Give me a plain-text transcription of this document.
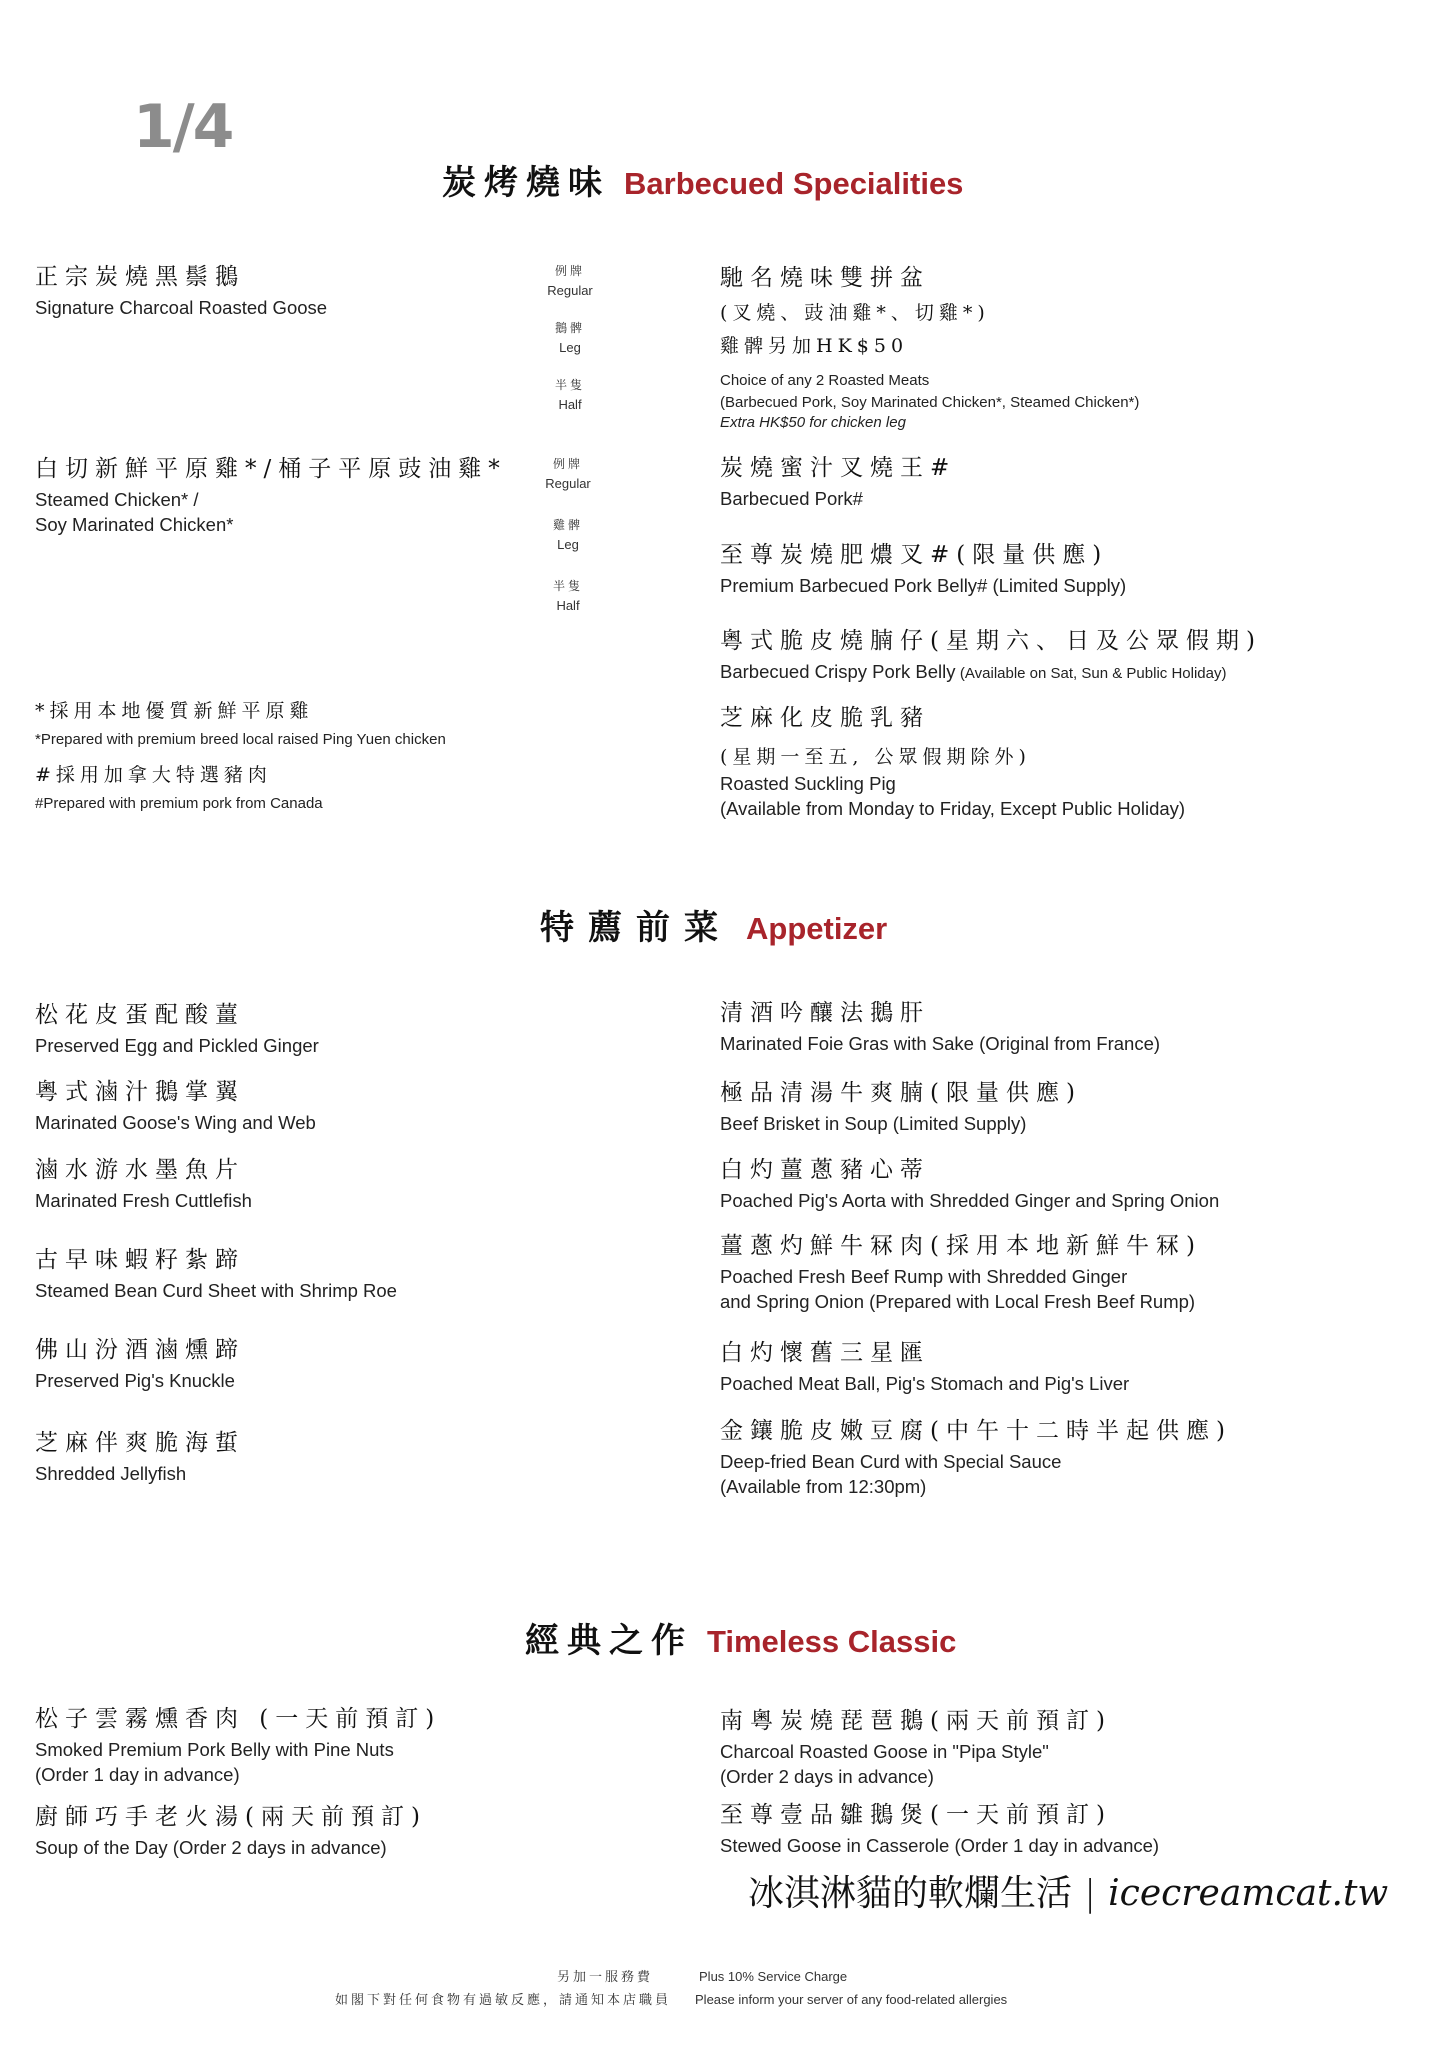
1/4
炭烤燒味 Barbecued Specialities
正宗炭燒黑鬃鵝
Signature Charcoal Roasted Goose
例牌
Regular
鵝髀
Leg
半隻
Half
白切新鮮平原雞*/桶子平原豉油雞*
Steamed Chicken* /
Soy Marinated Chicken*
例牌
Regular
雞髀
Leg
半隻
Half
*採用本地優質新鮮平原雞
*Prepared with premium breed local raised Ping Yuen chicken
#採用加拿大特選豬肉
#Prepared with premium pork from Canada
馳名燒味雙拼盆
(叉燒、豉油雞*、切雞*)
雞髀另加HK$50
Choice of any 2 Roasted Meats
(Barbecued Pork, Soy Marinated Chicken*, Steamed Chicken*)
Extra HK$50 for chicken leg
炭燒蜜汁叉燒王#
Barbecued Pork#
至尊炭燒肥燶叉#(限量供應)
Premium Barbecued Pork Belly# (Limited Supply)
粵式脆皮燒腩仔(星期六、日及公眾假期)
Barbecued Crispy Pork Belly (Available on Sat, Sun & Public Holiday)
芝麻化皮脆乳豬
(星期一至五, 公眾假期除外)
Roasted Suckling Pig
(Available from Monday to Friday, Except Public Holiday)
特薦前菜 Appetizer
松花皮蛋配酸薑
Preserved Egg and Pickled Ginger
粵式滷汁鵝掌翼
Marinated Goose's Wing and Web
滷水游水墨魚片
Marinated Fresh Cuttlefish
古早味蝦籽紮蹄
Steamed Bean Curd Sheet with Shrimp Roe
佛山汾酒滷燻蹄
Preserved Pig's Knuckle
芝麻伴爽脆海蜇
Shredded Jellyfish
清酒吟釀法鵝肝
Marinated Foie Gras with Sake (Original from France)
極品清湯牛爽腩(限量供應)
Beef Brisket in Soup (Limited Supply)
白灼薑蔥豬心蒂
Poached Pig's Aorta with Shredded Ginger and Spring Onion
薑蔥灼鮮牛冧肉(採用本地新鮮牛冧)
Poached Fresh Beef Rump with Shredded Ginger
and Spring Onion (Prepared with Local Fresh Beef Rump)
白灼懷舊三星匯
Poached Meat Ball, Pig's Stomach and Pig's Liver
金鑲脆皮嫩豆腐(中午十二時半起供應)
Deep-fried Bean Curd with Special Sauce
(Available from 12:30pm)
經典之作 Timeless Classic
松子雲霧燻香肉 (一天前預訂)
Smoked Premium Pork Belly with Pine Nuts
(Order 1 day in advance)
廚師巧手老火湯(兩天前預訂)
Soup of the Day (Order 2 days in advance)
南粵炭燒琵琶鵝(兩天前預訂)
Charcoal Roasted Goose in "Pipa Style"
(Order 2 days in advance)
至尊壹品雛鵝煲(一天前預訂)
Stewed Goose in Casserole (Order 1 day in advance)
冰淇淋貓的軟爛生活 | icecreamcat.tw
另加一服務費	Plus 10% Service Charge
如閣下對任何食物有過敏反應，請通知本店職員 Please inform your server of any food-related allergies
